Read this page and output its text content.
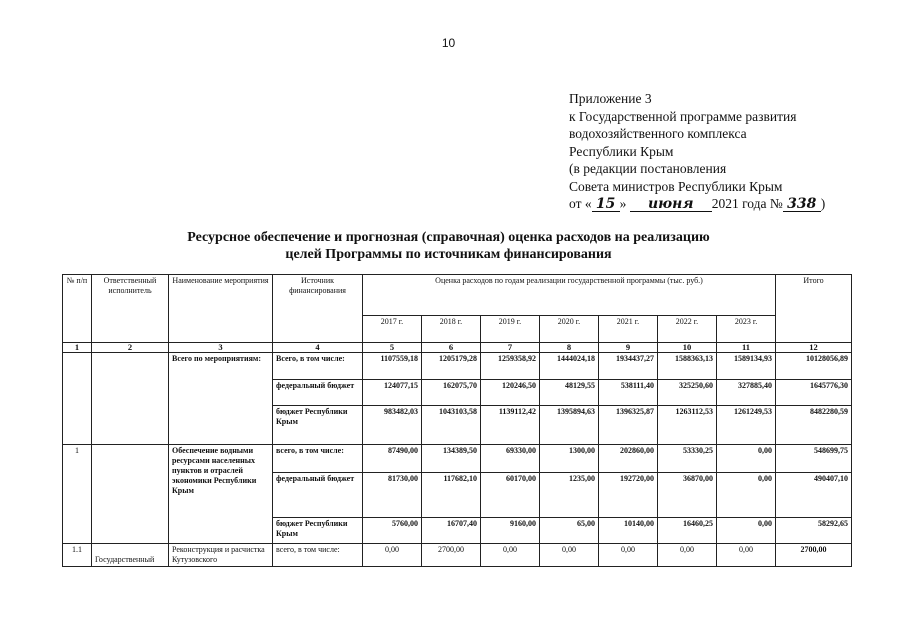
10
Приложение 3
к Государственной программе развития
водохозяйственного комплекса
Республики Крым
(в редакции постановления
Совета министров Республики Крым
от « 15 » июня 2021 года № 338 )
Ресурсное обеспечение и прогнозная (справочная) оценка расходов на реализацию
целей Программы по источникам финансирования
№ п/п	Ответственный исполнитель	Наименование мероприятия	Источник финансирования	Оценка расходов по годам реализации государственной программы (тыс. руб.)							Итого
				2017 г.	2018 г.	2019 г.	2020 г.	2021 г.	2022 г.	2023 г.	
1	2	3	4	5	6	7	8	9	10	11	12
		Всего по мероприятиям:	Всего, в том числе:	1107559,18	1205179,28	1259358,92	1444024,18	1934437,27	1588363,13	1589134,93	10128056,89
			федеральный бюджет	124077,15	162075,70	120246,50	48129,55	538111,40	325250,60	327885,40	1645776,30
			бюджет Республики Крым	983482,03	1043103,58	1139112,42	1395894,63	1396325,87	1263112,53	1261249,53	8482280,59
1		Обеспечение водными ресурсами населенных пунктов и отраслей экономики Республики Крым	всего, в том числе:	87490,00	134389,50	69330,00	1300,00	202860,00	53330,25	0,00	548699,75
			федеральный бюджет	81730,00	117682,10	60170,00	1235,00	192720,00	36870,00	0,00	490407,10
			бюджет Республики Крым	5760,00	16707,40	9160,00	65,00	10140,00	16460,25	0,00	58292,65
1.1	Государственный	Реконструкция и расчистка Кутузовского	всего, в том числе:	0,00	2700,00	0,00	0,00	0,00	0,00	0,00	2700,00
